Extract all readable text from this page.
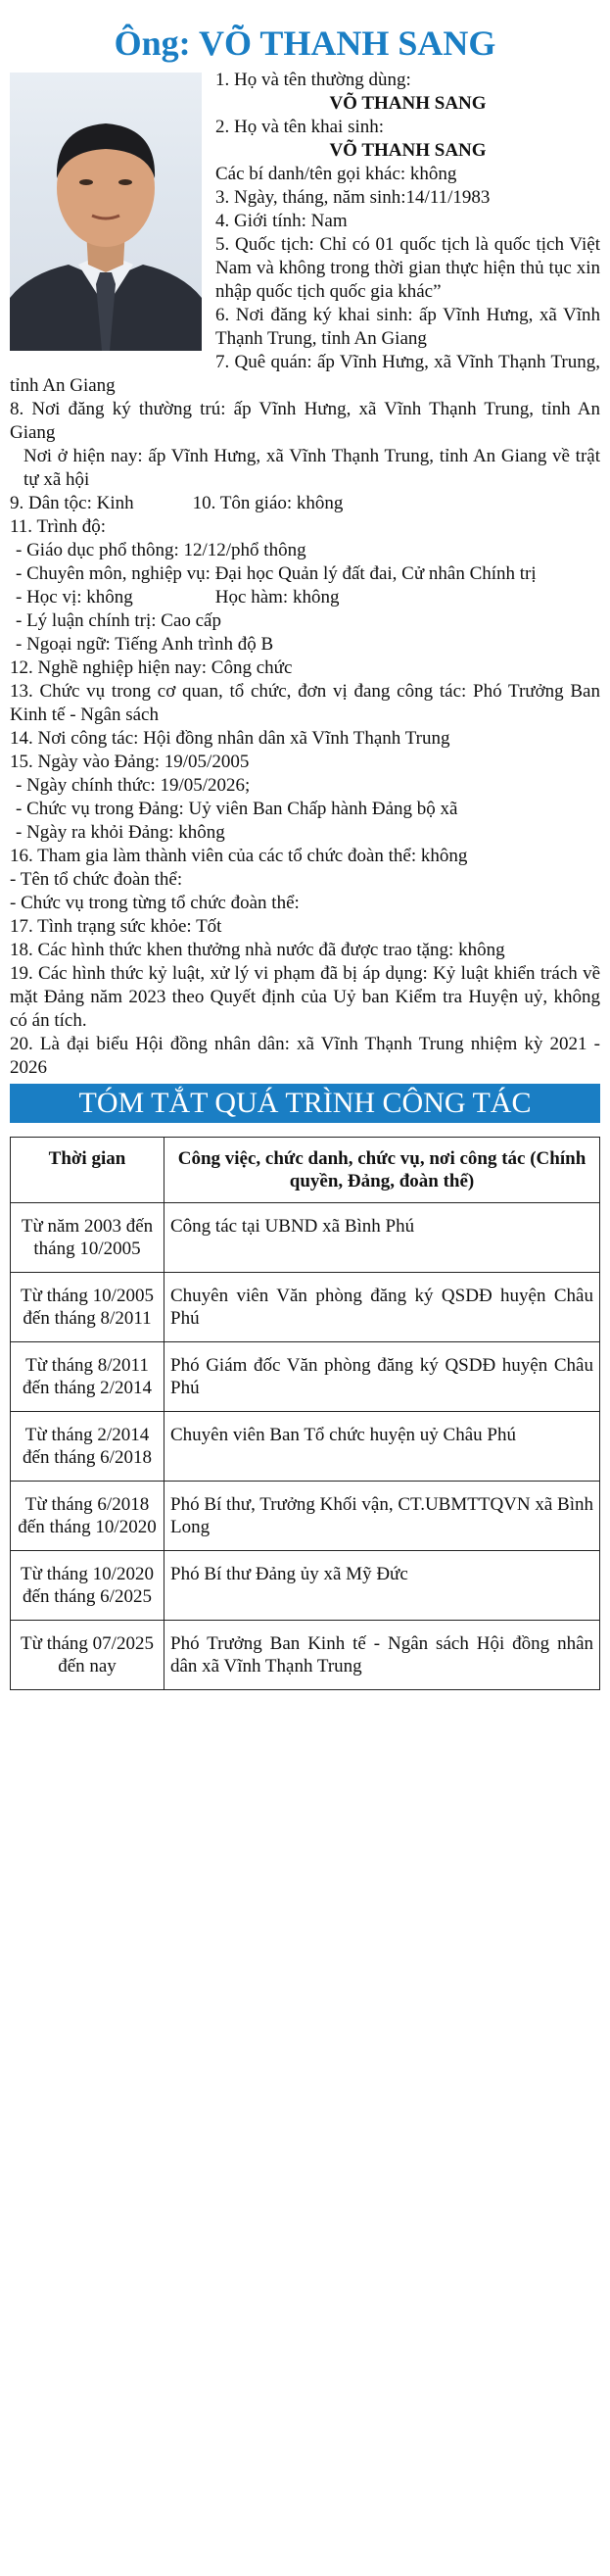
Ông: VÕ THANH SANG

1. Họ và tên thường dùng:

VÕ THANH SANG

2. Họ và tên khai sinh:

VÕ THANH SANG

Các bí danh/tên gọi khác: không

3. Ngày, tháng, năm sinh:14/11/1983

4. Giới tính: Nam

5. Quốc tịch: Chỉ có 01 quốc tịch là quốc tịch Việt Nam và không trong thời gian thực hiện thủ tục xin nhập quốc tịch quốc gia khác”

6. Nơi đăng ký khai sinh: ấp Vĩnh Hưng, xã Vĩnh Thạnh Trung, tỉnh An Giang

7. Quê quán: ấp Vĩnh Hưng, xã Vĩnh Thạnh Trung, tỉnh An Giang

8. Nơi đăng ký thường trú: ấp Vĩnh Hưng, xã Vĩnh Thạnh Trung, tỉnh An Giang

Nơi ở hiện nay: ấp Vĩnh Hưng, xã Vĩnh Thạnh Trung, tỉnh An Giang về trật tự xã hội

9. Dân tộc: Kinh	10. Tôn giáo: không

11. Trình độ:

- Giáo dục phổ thông: 12/12/phổ thông

- Chuyên môn, nghiệp vụ: Đại học Quản lý đất đai, Cử nhân Chính trị

- Học vị: không	Học hàm: không

- Lý luận chính trị: Cao cấp

- Ngoại ngữ: Tiếng Anh trình độ B

12. Nghề nghiệp hiện nay: Công chức

13. Chức vụ trong cơ quan, tổ chức, đơn vị đang công tác: Phó Trưởng Ban Kinh tế - Ngân sách

14. Nơi công tác: Hội đồng nhân dân xã Vĩnh Thạnh Trung

15. Ngày vào Đảng: 19/05/2005

- Ngày chính thức: 19/05/2026;

- Chức vụ trong Đảng: Uỷ viên Ban Chấp hành Đảng bộ xã

- Ngày ra khỏi Đảng: không

16. Tham gia làm thành viên của các tổ chức đoàn thể: không

- Tên tổ chức đoàn thể:

- Chức vụ trong từng tổ chức đoàn thể:

17. Tình trạng sức khỏe: Tốt

18. Các hình thức khen thưởng nhà nước đã được trao tặng: không

19. Các hình thức kỷ luật, xử lý vi phạm đã bị áp dụng: Kỷ luật khiển trách về mặt Đảng năm 2023 theo Quyết định của Uỷ ban Kiểm tra Huyện uỷ, không có án tích.

20. Là đại biểu Hội đồng nhân dân: xã Vĩnh Thạnh Trung nhiệm kỳ 2021 - 2026

TÓM TẮT QUÁ TRÌNH CÔNG TÁC
Thời gian	Công việc, chức danh, chức vụ, nơi công tác (Chính quyền, Đảng, đoàn thể)
Từ năm 2003 đến tháng 10/2005	Công tác tại UBND xã Bình Phú
Từ tháng 10/2005 đến tháng 8/2011	Chuyên viên Văn phòng đăng ký QSDĐ huyện Châu Phú
Từ tháng 8/2011 đến tháng 2/2014	Phó Giám đốc Văn phòng đăng ký QSDĐ huyện Châu Phú
Từ tháng 2/2014 đến tháng 6/2018	Chuyên viên Ban Tổ chức huyện uỷ Châu Phú
Từ tháng 6/2018 đến tháng 10/2020	Phó Bí thư, Trưởng Khối vận, CT.UBMTTQVN xã Bình Long
Từ tháng 10/2020 đến tháng 6/2025	Phó Bí thư Đảng ủy xã Mỹ Đức
Từ tháng 07/2025 đến nay	Phó Trưởng Ban Kinh tế - Ngân sách Hội đồng nhân dân xã Vĩnh Thạnh Trung
